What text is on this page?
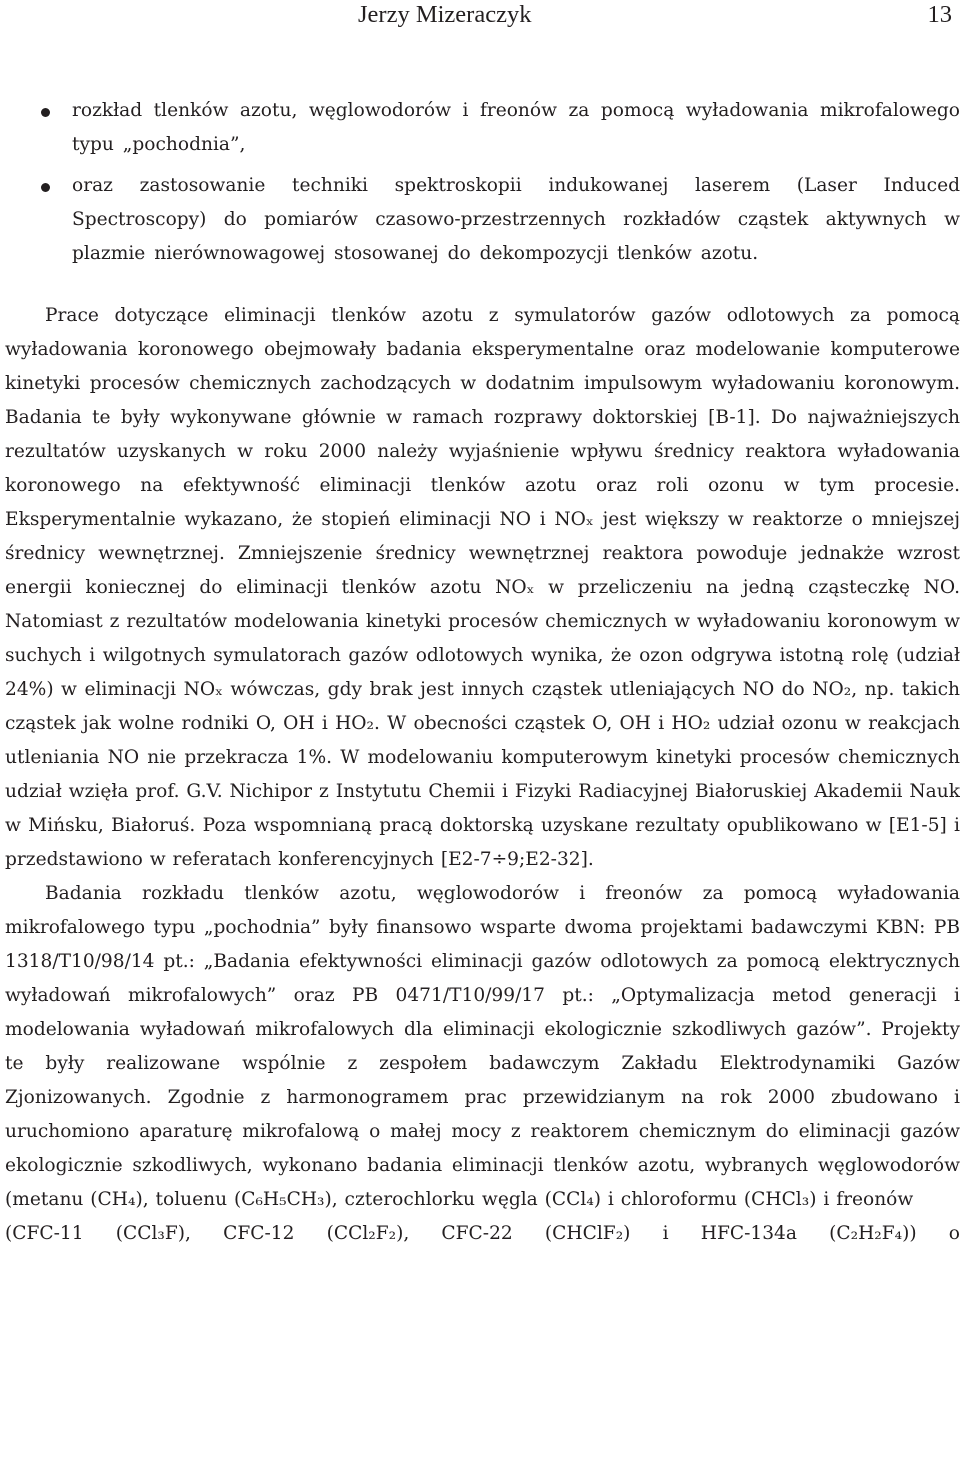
Jerzy Mizeraczyk	13
rozkład tlenków azotu, węglowodorów i freonów za pomocą wyładowania mikrofalowego typu „pochodnia”,
oraz zastosowanie techniki spektroskopii indukowanej laserem (Laser Induced Spectroscopy) do pomiarów czasowo-przestrzennych rozkładów cząstek aktywnych w plazmie nierównowagowej stosowanej do dekompozycji tlenków azotu.

Prace dotyczące eliminacji tlenków azotu z symulatorów gazów odlotowych za pomocą wyładowania koronowego obejmowały badania eksperymentalne oraz modelowanie komputerowe kinetyki procesów chemicznych zachodzących w dodatnim impulsowym wyładowaniu koronowym. Badania te były wykonywane głównie w ramach rozprawy doktorskiej [B-1]. Do najważniejszych rezultatów uzyskanych w roku 2000 należy wyjaśnienie wpływu średnicy reaktora wyładowania koronowego na efektywność eliminacji tlenków azotu oraz roli ozonu w tym procesie. Eksperymentalnie wykazano, że stopień eliminacji NO i NOₓ jest większy w reaktorze o mniejszej średnicy wewnętrznej. Zmniejszenie średnicy wewnętrznej reaktora powoduje jednakże wzrost energii koniecznej do eliminacji tlenków azotu NOₓ w przeliczeniu na jedną cząsteczkę NO. Natomiast z rezultatów modelowania kinetyki procesów chemicznych w wyładowaniu koronowym w suchych i wilgotnych symulatorach gazów odlotowych wynika, że ozon odgrywa istotną rolę (udział 24%) w eliminacji NOₓ wówczas, gdy brak jest innych cząstek utleniających NO do NO₂, np. takich cząstek jak wolne rodniki O, OH i HO₂. W obecności cząstek O, OH i HO₂ udział ozonu w reakcjach utleniania NO nie przekracza 1%. W modelowaniu komputerowym kinetyki procesów chemicznych udział wzięła prof. G.V. Nichipor z Instytutu Chemii i Fizyki Radiacyjnej Białoruskiej Akademii Nauk w Mińsku, Białoruś. Poza wspomnianą pracą doktorską uzyskane rezultaty opublikowano w [E1-5] i przedstawiono w referatach konferencyjnych [E2-7÷9;E2-32].

Badania rozkładu tlenków azotu, węglowodorów i freonów za pomocą wyładowania mikrofalowego typu „pochodnia” były finansowo wsparte dwoma projektami badawczymi KBN: PB 1318/T10/98/14 pt.: „Badania efektywności eliminacji gazów odlotowych za pomocą elektrycznych wyładowań mikrofalowych” oraz PB 0471/T10/99/17 pt.: „Optymalizacja metod generacji i modelowania wyładowań mikrofalowych dla eliminacji ekologicznie szkodliwych gazów”. Projekty te były realizowane wspólnie z zespołem badawczym Zakładu Elektrodynamiki Gazów Zjonizowanych. Zgodnie z harmonogramem prac przewidzianym na rok 2000 zbudowano i uruchomiono aparaturę mikrofalową o małej mocy z reaktorem chemicznym do eliminacji gazów ekologicznie szkodliwych, wykonano badania eliminacji tlenków azotu, wybranych węglowodorów (metanu (CH₄), toluenu (C₆H₅CH₃), czterochlorku węgla (CCl₄) i chloroformu (CHCl₃) i freonów

(CFC-11 (CCl₃F), CFC-12 (CCl₂F₂), CFC-22 (CHClF₂) i HFC-134a (C₂H₂F₄)) o
